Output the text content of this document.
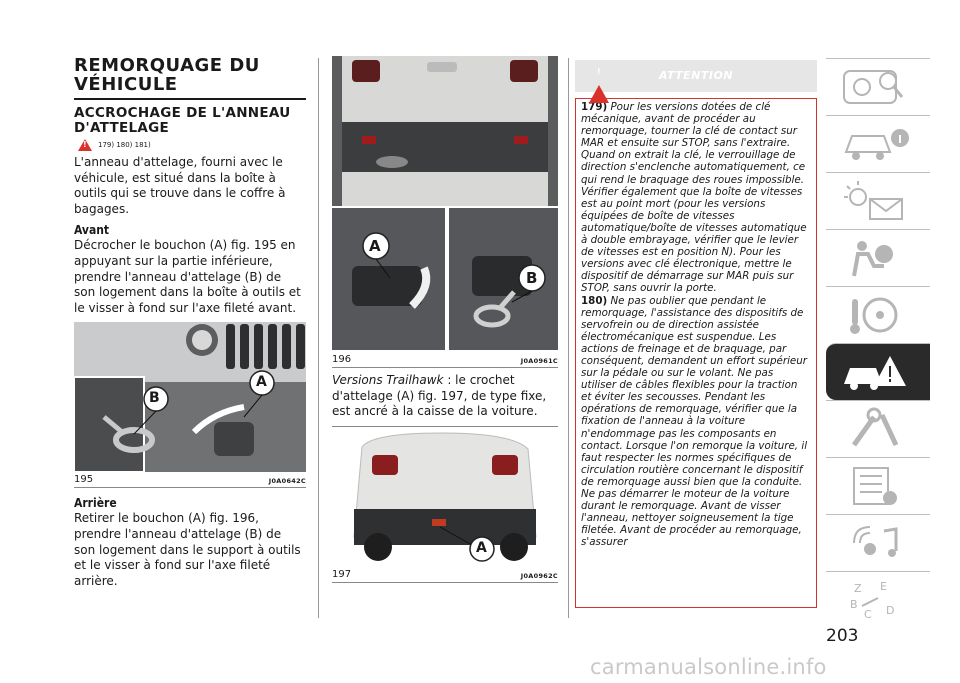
REMORQUAGE DU VÉHICULE
ACCROCHAGE DE L'ANNEAU D'ATTELAGE
!
179) 180) 181)

L'anneau d'attelage, fourni avec le véhicule, est situé dans la boîte à outils qui se trouve dans le coffre à bagages.

Avant

Décrocher le bouchon (A) fig. 195 en appuyant sur la partie inférieure, prendre l'anneau d'attelage (B) de son logement dans la boîte à outils et le visser à fond sur l'axe fileté avant.

B
A
195	J0A0642C
Arrière

Retirer le bouchon (A) fig. 196, prendre l'anneau d'attelage (B) de son logement dans le support à outils et le visser à fond sur l'axe fileté arrière.

A
B
196	J0A0961C

Versions Trailhawk : le crochet d'attelage (A) fig. 197, de type fixe, est ancré à la caisse de la voiture.

A
197	J0A0962C
!
ATTENTION

179) Pour les versions dotées de clé mécanique, avant de procéder au remorquage, tourner la clé de contact sur MAR et ensuite sur STOP, sans l'extraire. Quand on extrait la clé, le verrouillage de direction s'enclenche automatiquement, ce qui rend le braquage des roues impossible. Vérifier également que la boîte de vitesses est au point mort (pour les versions équipées de boîte de vitesses automatique/boîte de vitesses automatique à double embrayage, vérifier que le levier de vitesses est en position N). Pour les versions avec clé électronique, mettre le dispositif de démarrage sur MAR puis sur STOP, sans ouvrir la porte.

180) Ne pas oublier que pendant le remorquage, l'assistance des dispositifs de servofrein ou de direction assistée électromécanique est suspendue. Les actions de freinage et de braquage, par conséquent, demandent un effort supérieur sur la pédale ou sur le volant. Ne pas utiliser de câbles flexibles pour la traction et éviter les secousses. Pendant les opérations de remorquage, vérifier que la fixation de l'anneau à la voiture n'endommage pas les composants en contact. Lorsque l'on remorque la voiture, il faut respecter les normes spécifiques de circulation routière concernant le dispositif de remorquage aussi bien que la conduite. Ne pas démarrer le moteur de la voiture durant le remorquage. Avant de visser l'anneau, nettoyer soigneusement la tige filetée. Avant de procéder au remorquage, s'assurer

Z E
B
C D
203
carmanualsonline.info
